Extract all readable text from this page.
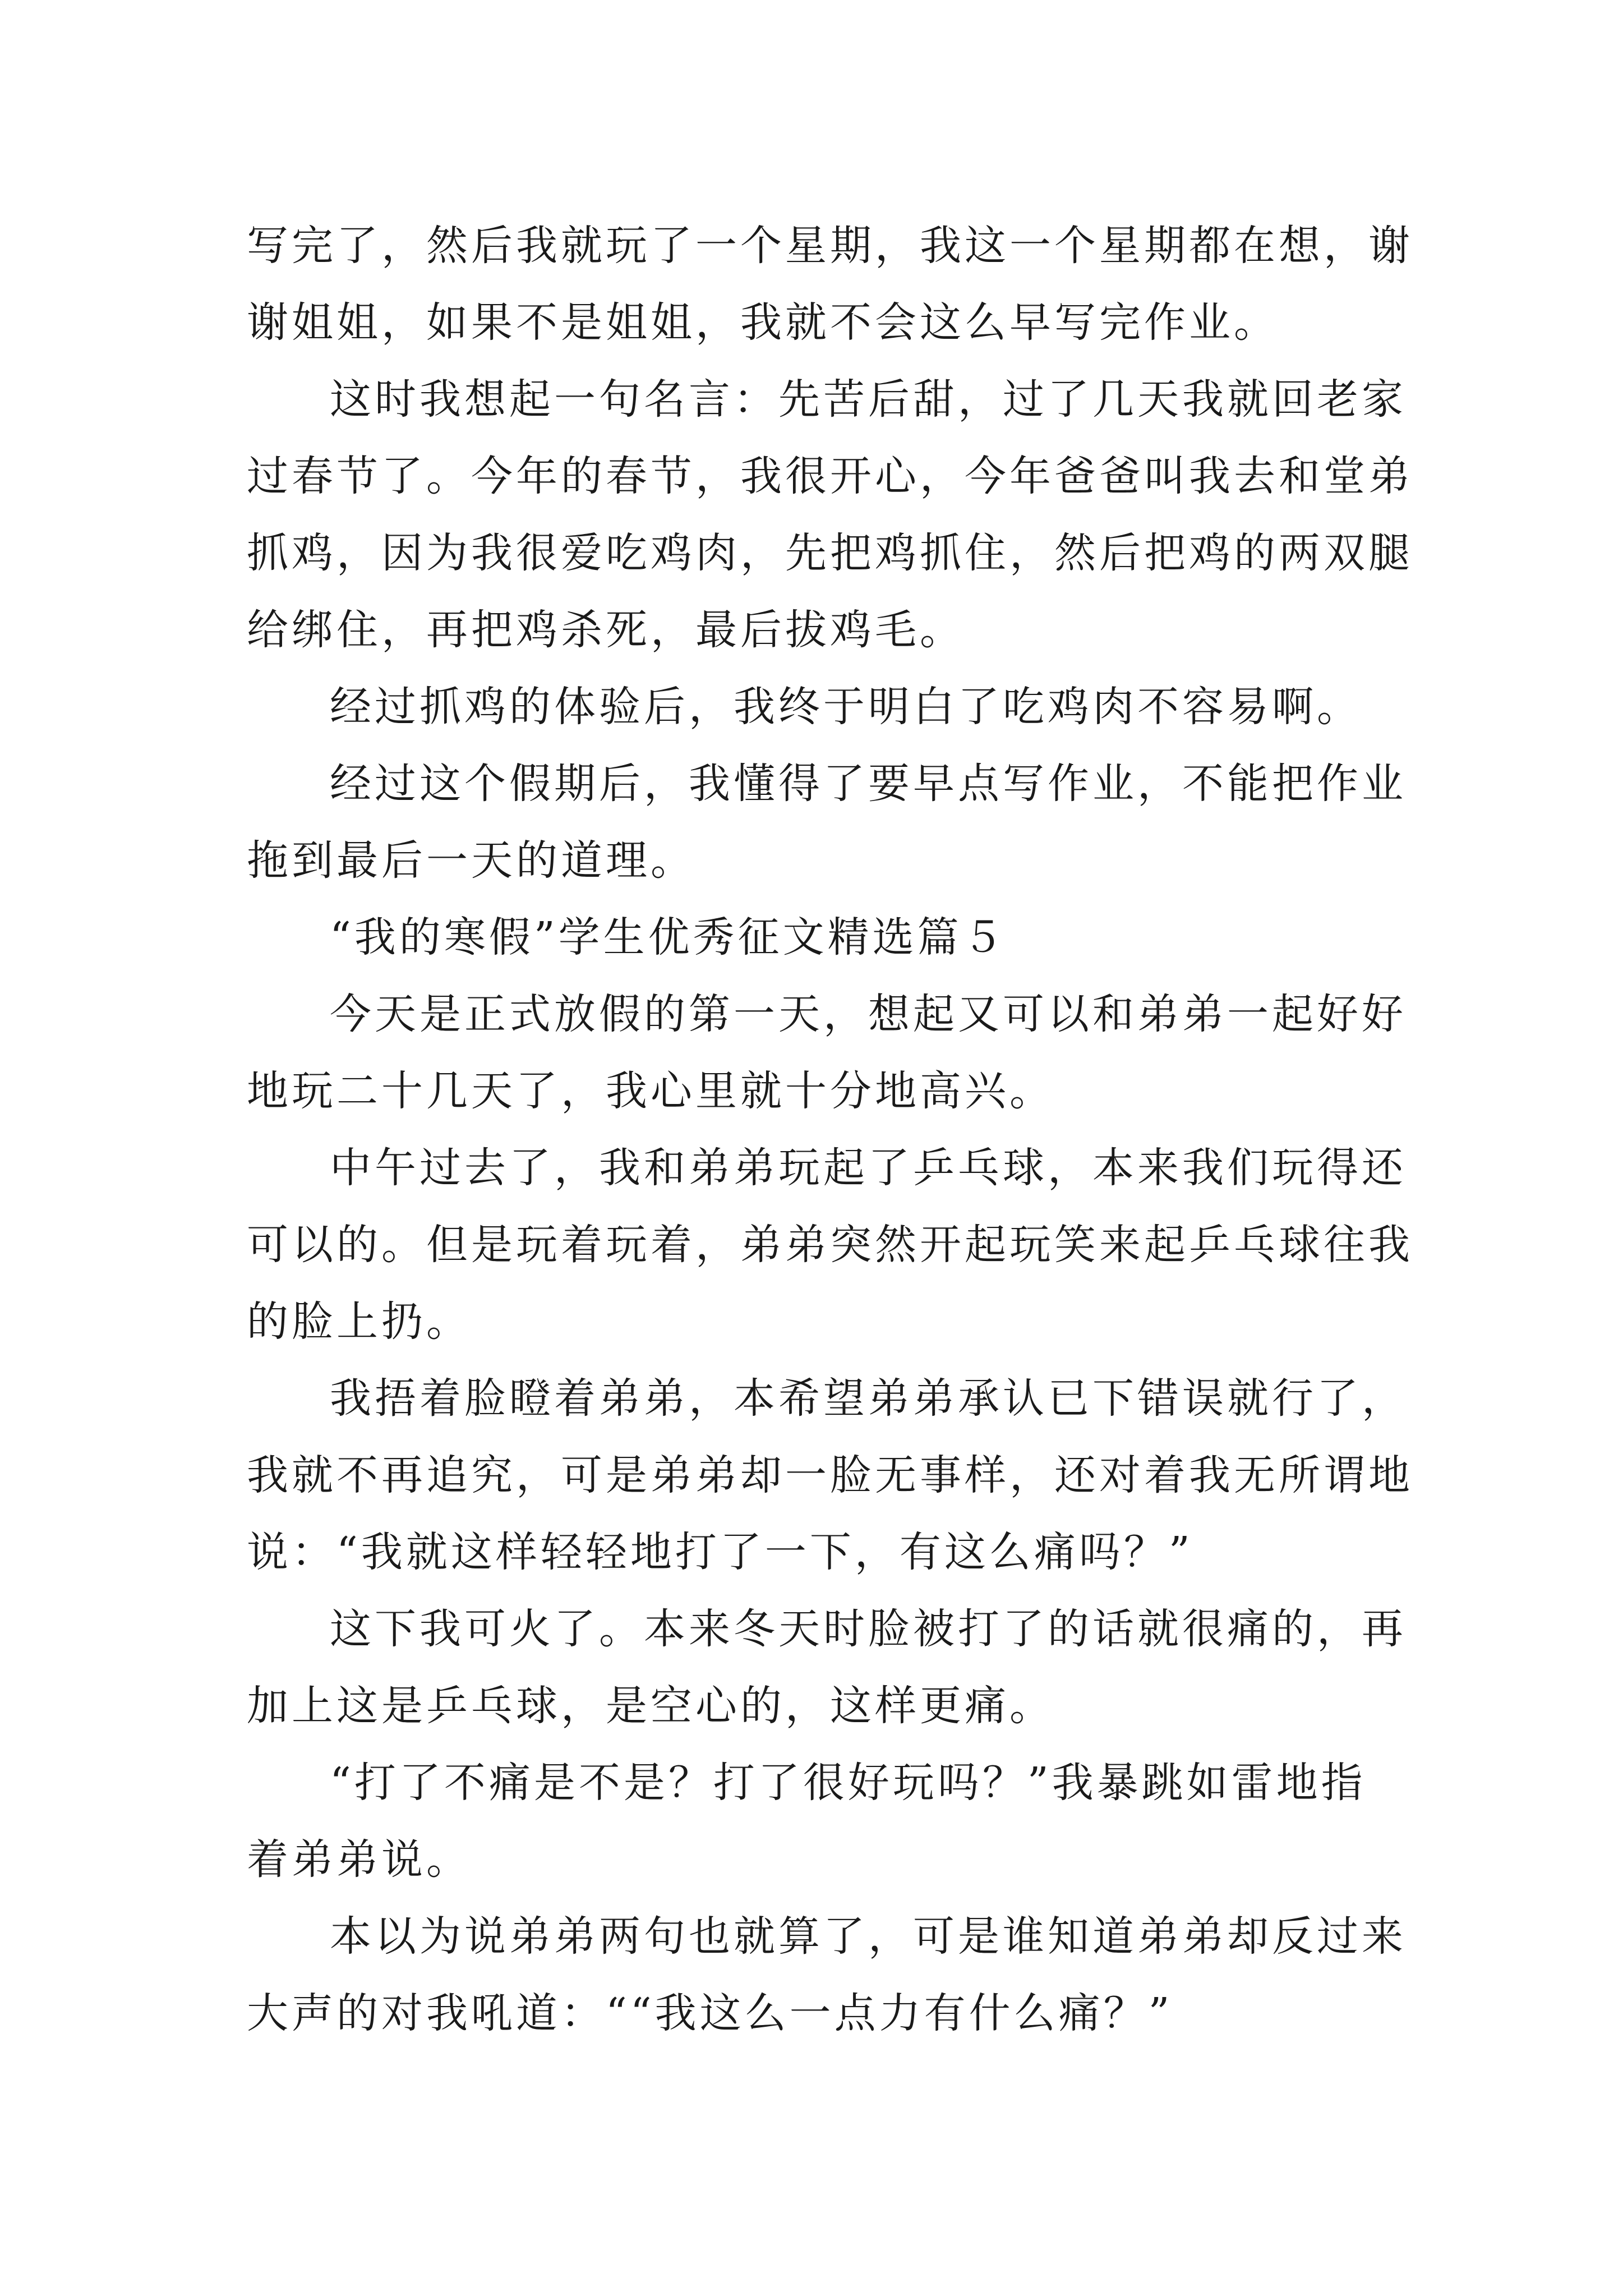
写完了，然后我就玩了一个星期，我这一个星期都在想，谢
谢姐姐，如果不是姐姐，我就不会这么早写完作业。
这时我想起一句名言：先苦后甜，过了几天我就回老家
过春节了。今年的春节，我很开心，今年爸爸叫我去和堂弟
抓鸡，因为我很爱吃鸡肉，先把鸡抓住，然后把鸡的两双腿
给绑住，再把鸡杀死，最后拔鸡毛。
经过抓鸡的体验后，我终于明白了吃鸡肉不容易啊。
经过这个假期后，我懂得了要早点写作业，不能把作业
拖到最后一天的道理。
“我的寒假”学生优秀征文精选篇５
今天是正式放假的第一天，想起又可以和弟弟一起好好
地玩二十几天了，我心里就十分地高兴。
中午过去了，我和弟弟玩起了乒乓球，本来我们玩得还
可以的。但是玩着玩着，弟弟突然开起玩笑来起乒乓球往我
的脸上扔。
我捂着脸瞪着弟弟，本希望弟弟承认已下错误就行了，
我就不再追究，可是弟弟却一脸无事样，还对着我无所谓地
说：“我就这样轻轻地打了一下，有这么痛吗？”
这下我可火了。本来冬天时脸被打了的话就很痛的，再
加上这是乒乓球，是空心的，这样更痛。
“打了不痛是不是？打了很好玩吗？”我暴跳如雷地指
着弟弟说。
本以为说弟弟两句也就算了，可是谁知道弟弟却反过来
大声的对我吼道：““我这么一点力有什么痛？”
